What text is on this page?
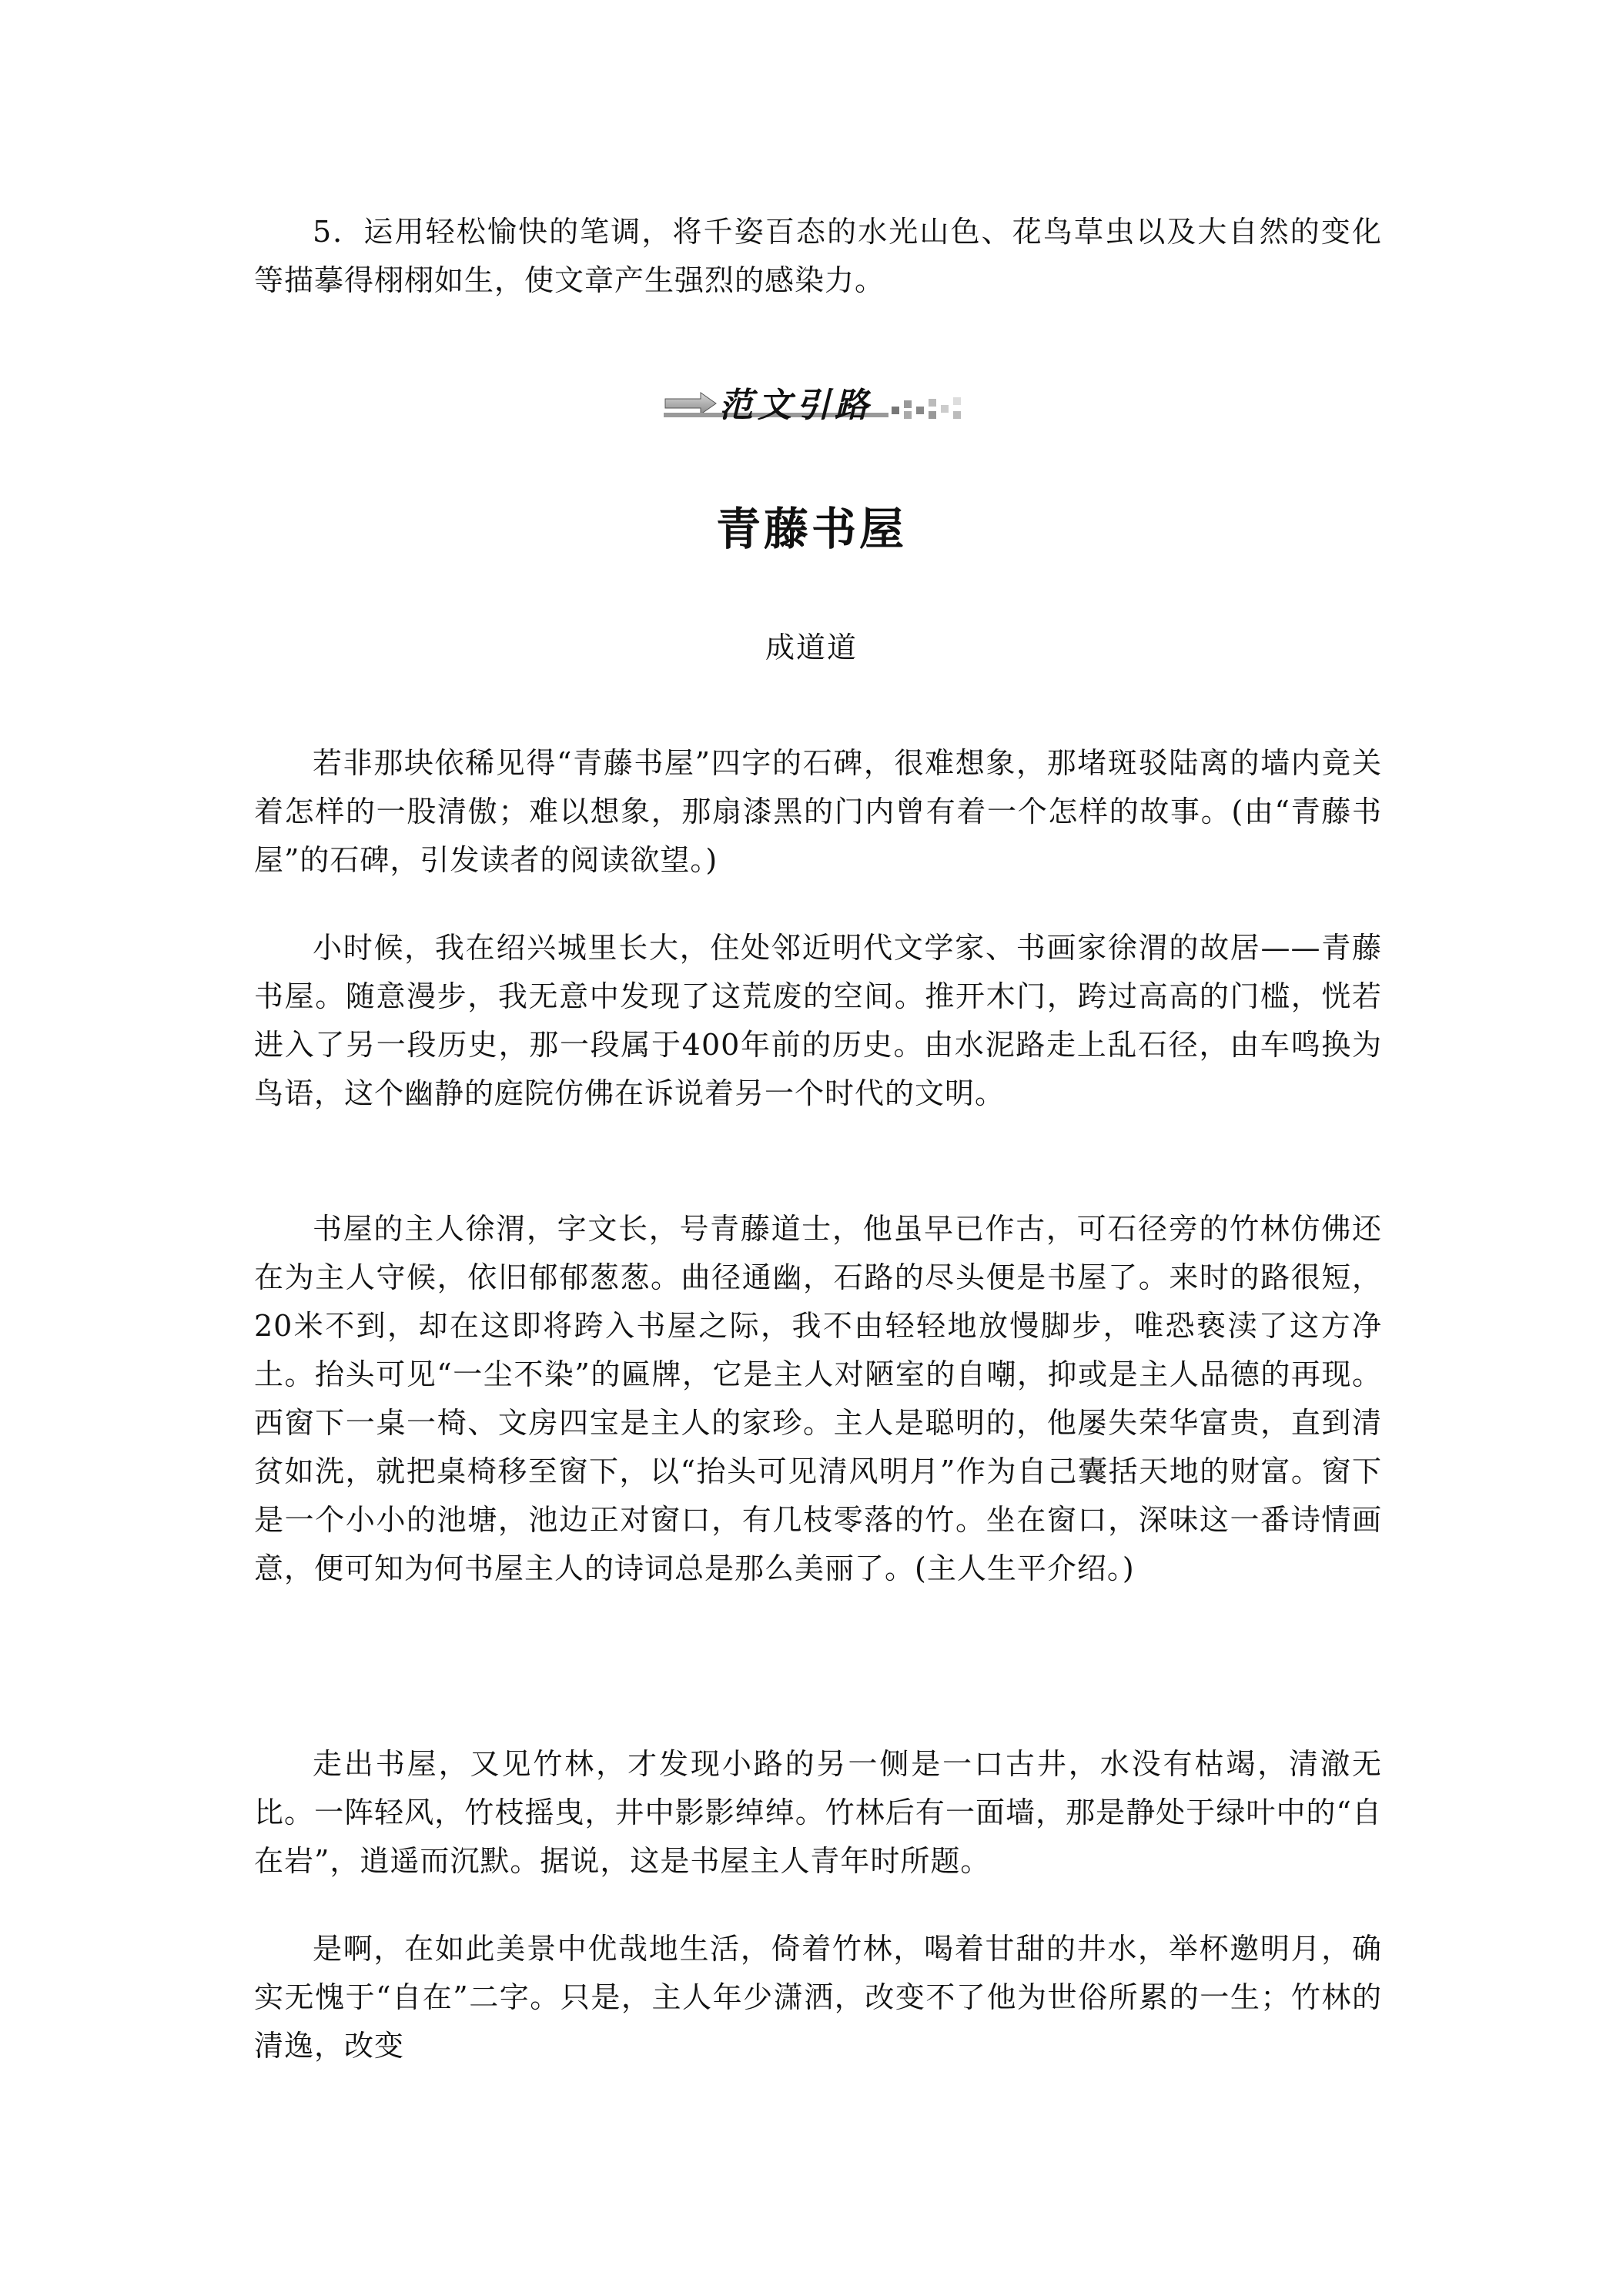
5．运用轻松愉快的笔调，将千姿百态的水光山色、花鸟草虫以及大自然的变化等描摹得栩栩如生，使文章产生强烈的感染力。

范文引路
青藤书屋
成道道

若非那块依稀见得“青藤书屋”四字的石碑，很难想象，那堵斑驳陆离的墙内竟关着怎样的一股清傲；难以想象，那扇漆黑的门内曾有着一个怎样的故事。(由“青藤书屋”的石碑，引发读者的阅读欲望。)

小时候，我在绍兴城里长大，住处邻近明代文学家、书画家徐渭的故居——青藤书屋。随意漫步，我无意中发现了这荒废的空间。推开木门，跨过高高的门槛，恍若进入了另一段历史，那一段属于400年前的历史。由水泥路走上乱石径，由车鸣换为鸟语，这个幽静的庭院仿佛在诉说着另一个时代的文明。

书屋的主人徐渭，字文长，号青藤道士，他虽早已作古，可石径旁的竹林仿佛还在为主人守候，依旧郁郁葱葱。曲径通幽，石路的尽头便是书屋了。来时的路很短，20米不到，却在这即将跨入书屋之际，我不由轻轻地放慢脚步，唯恐亵渎了这方净土。抬头可见“一尘不染”的匾牌，它是主人对陋室的自嘲，抑或是主人品德的再现。西窗下一桌一椅、文房四宝是主人的家珍。主人是聪明的，他屡失荣华富贵，直到清贫如洗，就把桌椅移至窗下，以“抬头可见清风明月”作为自己囊括天地的财富。窗下是一个小小的池塘，池边正对窗口，有几枝零落的竹。坐在窗口，深味这一番诗情画意，便可知为何书屋主人的诗词总是那么美丽了。(主人生平介绍。)

走出书屋，又见竹林，才发现小路的另一侧是一口古井，水没有枯竭，清澈无比。一阵轻风，竹枝摇曳，井中影影绰绰。竹林后有一面墙，那是静处于绿叶中的“自在岩”，逍遥而沉默。据说，这是书屋主人青年时所题。

是啊，在如此美景中优哉地生活，倚着竹林，喝着甘甜的井水，举杯邀明月，确实无愧于“自在”二字。只是，主人年少潇洒，改变不了他为世俗所累的一生；竹林的清逸，改变
